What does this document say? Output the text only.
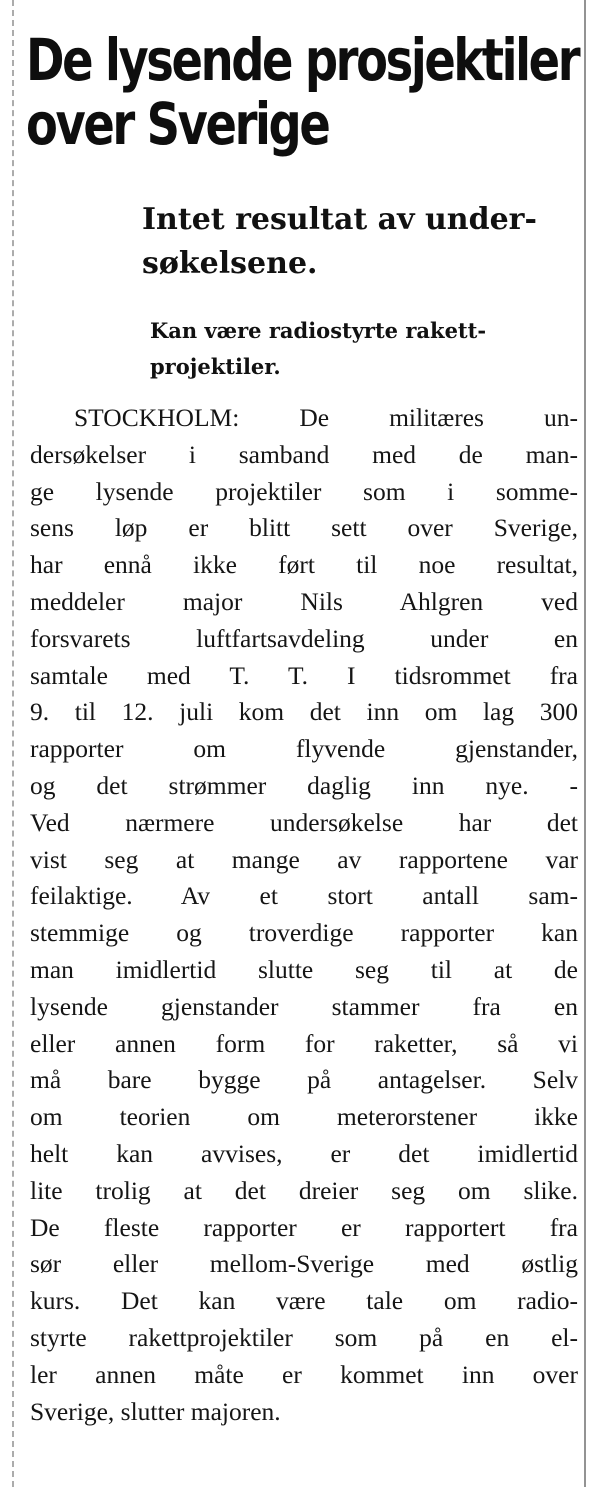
De lysende prosjektiler
over Sverige
Intet resultat av under-
søkelsene.
Kan være radiostyrte rakett-
projektiler.
STOCKHOLM: De militæres un-
dersøkelser i samband med de man-
ge lysende projektiler som i sommе-
sens løp er blitt sett over Sverige,
har ennå ikke ført til noe resultat,
meddeler major Nils Ahlgren ved
forsvarets luftfartsavdeling under en
samtale med T. T. I tidsrommet fra
9. til 12. juli kom det inn om lag 300
rapporter om flyvende gjenstander,
og det strømmer daglig inn nye. -
Ved nærmere undersøkelse har det
vist seg at mange av rapportene var
feilaktige. Av et stort antall sam-
stemmige og troverdige rapporter kan
man imidlertid slutte seg til at de
lysende gjenstander stammer fra en
eller annen form for raketter, så vi
må bare bygge på antagelser. Selv
om teorien om meterorstener ikke
helt kan avvises, er det imidlertid
lite trolig at det dreier seg om slike.
De fleste rapporter er rapportert fra
sør eller mellom-Sverige med østlig
kurs. Det kan være tale om radio-
styrte rakettprojektiler som på en el-
ler annen måte er kommet inn over
Sverige, slutter majoren.
